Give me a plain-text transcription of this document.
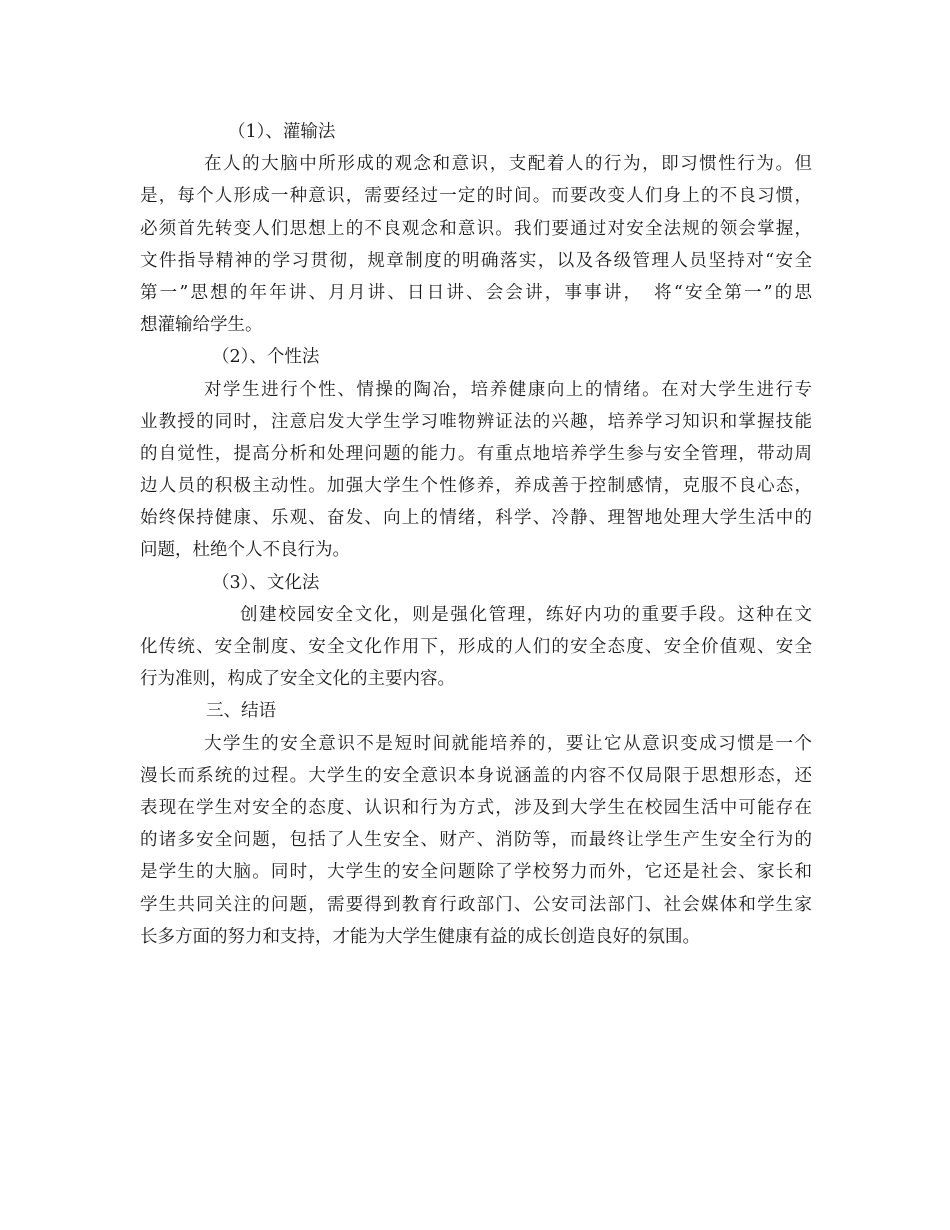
（1）、灌输法
在人的大脑中所形成的观念和意识，支配着人的行为，即习惯性行为。但
是，每个人形成一种意识，需要经过一定的时间。而要改变人们身上的不良习惯，
必须首先转变人们思想上的不良观念和意识。我们要通过对安全法规的领会掌握，
文件指导精神的学习贯彻，规章制度的明确落实，以及各级管理人员坚持对“安全
第一”思想的年年讲、月月讲、日日讲、会会讲，事事讲，　将“安全第一”的思
想灌输给学生。
（2）、个性法
对学生进行个性、情操的陶冶，培养健康向上的情绪。在对大学生进行专
业教授的同时，注意启发大学生学习唯物辨证法的兴趣，培养学习知识和掌握技能
的自觉性，提高分析和处理问题的能力。有重点地培养学生参与安全管理，带动周
边人员的积极主动性。加强大学生个性修养，养成善于控制感情，克服不良心态，
始终保持健康、乐观、奋发、向上的情绪，科学、冷静、理智地处理大学生活中的
问题，杜绝个人不良行为。
（3）、文化法
创建校园安全文化，则是强化管理，练好内功的重要手段。这种在文
化传统、安全制度、安全文化作用下，形成的人们的安全态度、安全价值观、安全
行为准则，构成了安全文化的主要内容。
三、结语
大学生的安全意识不是短时间就能培养的，要让它从意识变成习惯是一个
漫长而系统的过程。大学生的安全意识本身说涵盖的内容不仅局限于思想形态，还
表现在学生对安全的态度、认识和行为方式，涉及到大学生在校园生活中可能存在
的诸多安全问题，包括了人生安全、财产、消防等，而最终让学生产生安全行为的
是学生的大脑。同时，大学生的安全问题除了学校努力而外，它还是社会、家长和
学生共同关注的问题，需要得到教育行政部门、公安司法部门、社会媒体和学生家
长多方面的努力和支持，才能为大学生健康有益的成长创造良好的氛围。
